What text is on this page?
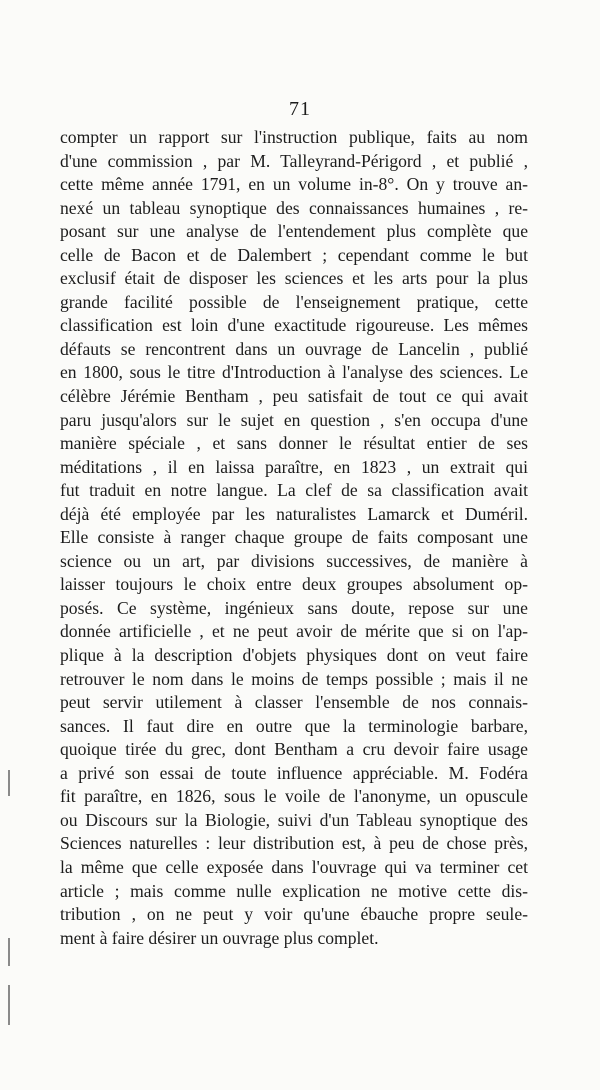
71
compter un rapport sur l'instruction publique, faits au nom
d'une commission , par M. Talleyrand-Périgord , et publié ,
cette même année 1791, en un volume in-8°. On y trouve an-
nexé un tableau synoptique des connaissances humaines , re-
posant sur une analyse de l'entendement plus complète que
celle de Bacon et de Dalembert ; cependant comme le but
exclusif était de disposer les sciences et les arts pour la plus
grande facilité possible de l'enseignement pratique, cette
classification est loin d'une exactitude rigoureuse. Les mêmes
défauts se rencontrent dans un ouvrage de Lancelin , publié
en 1800, sous le titre d'Introduction à l'analyse des sciences. Le
célèbre Jérémie Bentham , peu satisfait de tout ce qui avait
paru jusqu'alors sur le sujet en question , s'en occupa d'une
manière spéciale , et sans donner le résultat entier de ses
méditations , il en laissa paraître, en 1823 , un extrait qui
fut traduit en notre langue. La clef de sa classification avait
déjà été employée par les naturalistes Lamarck et Duméril.
Elle consiste à ranger chaque groupe de faits composant une
science ou un art, par divisions successives, de manière à
laisser toujours le choix entre deux groupes absolument op-
posés. Ce système, ingénieux sans doute, repose sur une
donnée artificielle , et ne peut avoir de mérite que si on l'ap-
plique à la description d'objets physiques dont on veut faire
retrouver le nom dans le moins de temps possible ; mais il ne
peut servir utilement à classer l'ensemble de nos connais-
sances. Il faut dire en outre que la terminologie barbare,
quoique tirée du grec, dont Bentham a cru devoir faire usage
a privé son essai de toute influence appréciable. M. Fodéra
fit paraître, en 1826, sous le voile de l'anonyme, un opuscule
ou Discours sur la Biologie, suivi d'un Tableau synoptique des
Sciences naturelles : leur distribution est, à peu de chose près,
la même que celle exposée dans l'ouvrage qui va terminer cet
article ; mais comme nulle explication ne motive cette dis-
tribution , on ne peut y voir qu'une ébauche propre seule-
ment à faire désirer un ouvrage plus complet.
